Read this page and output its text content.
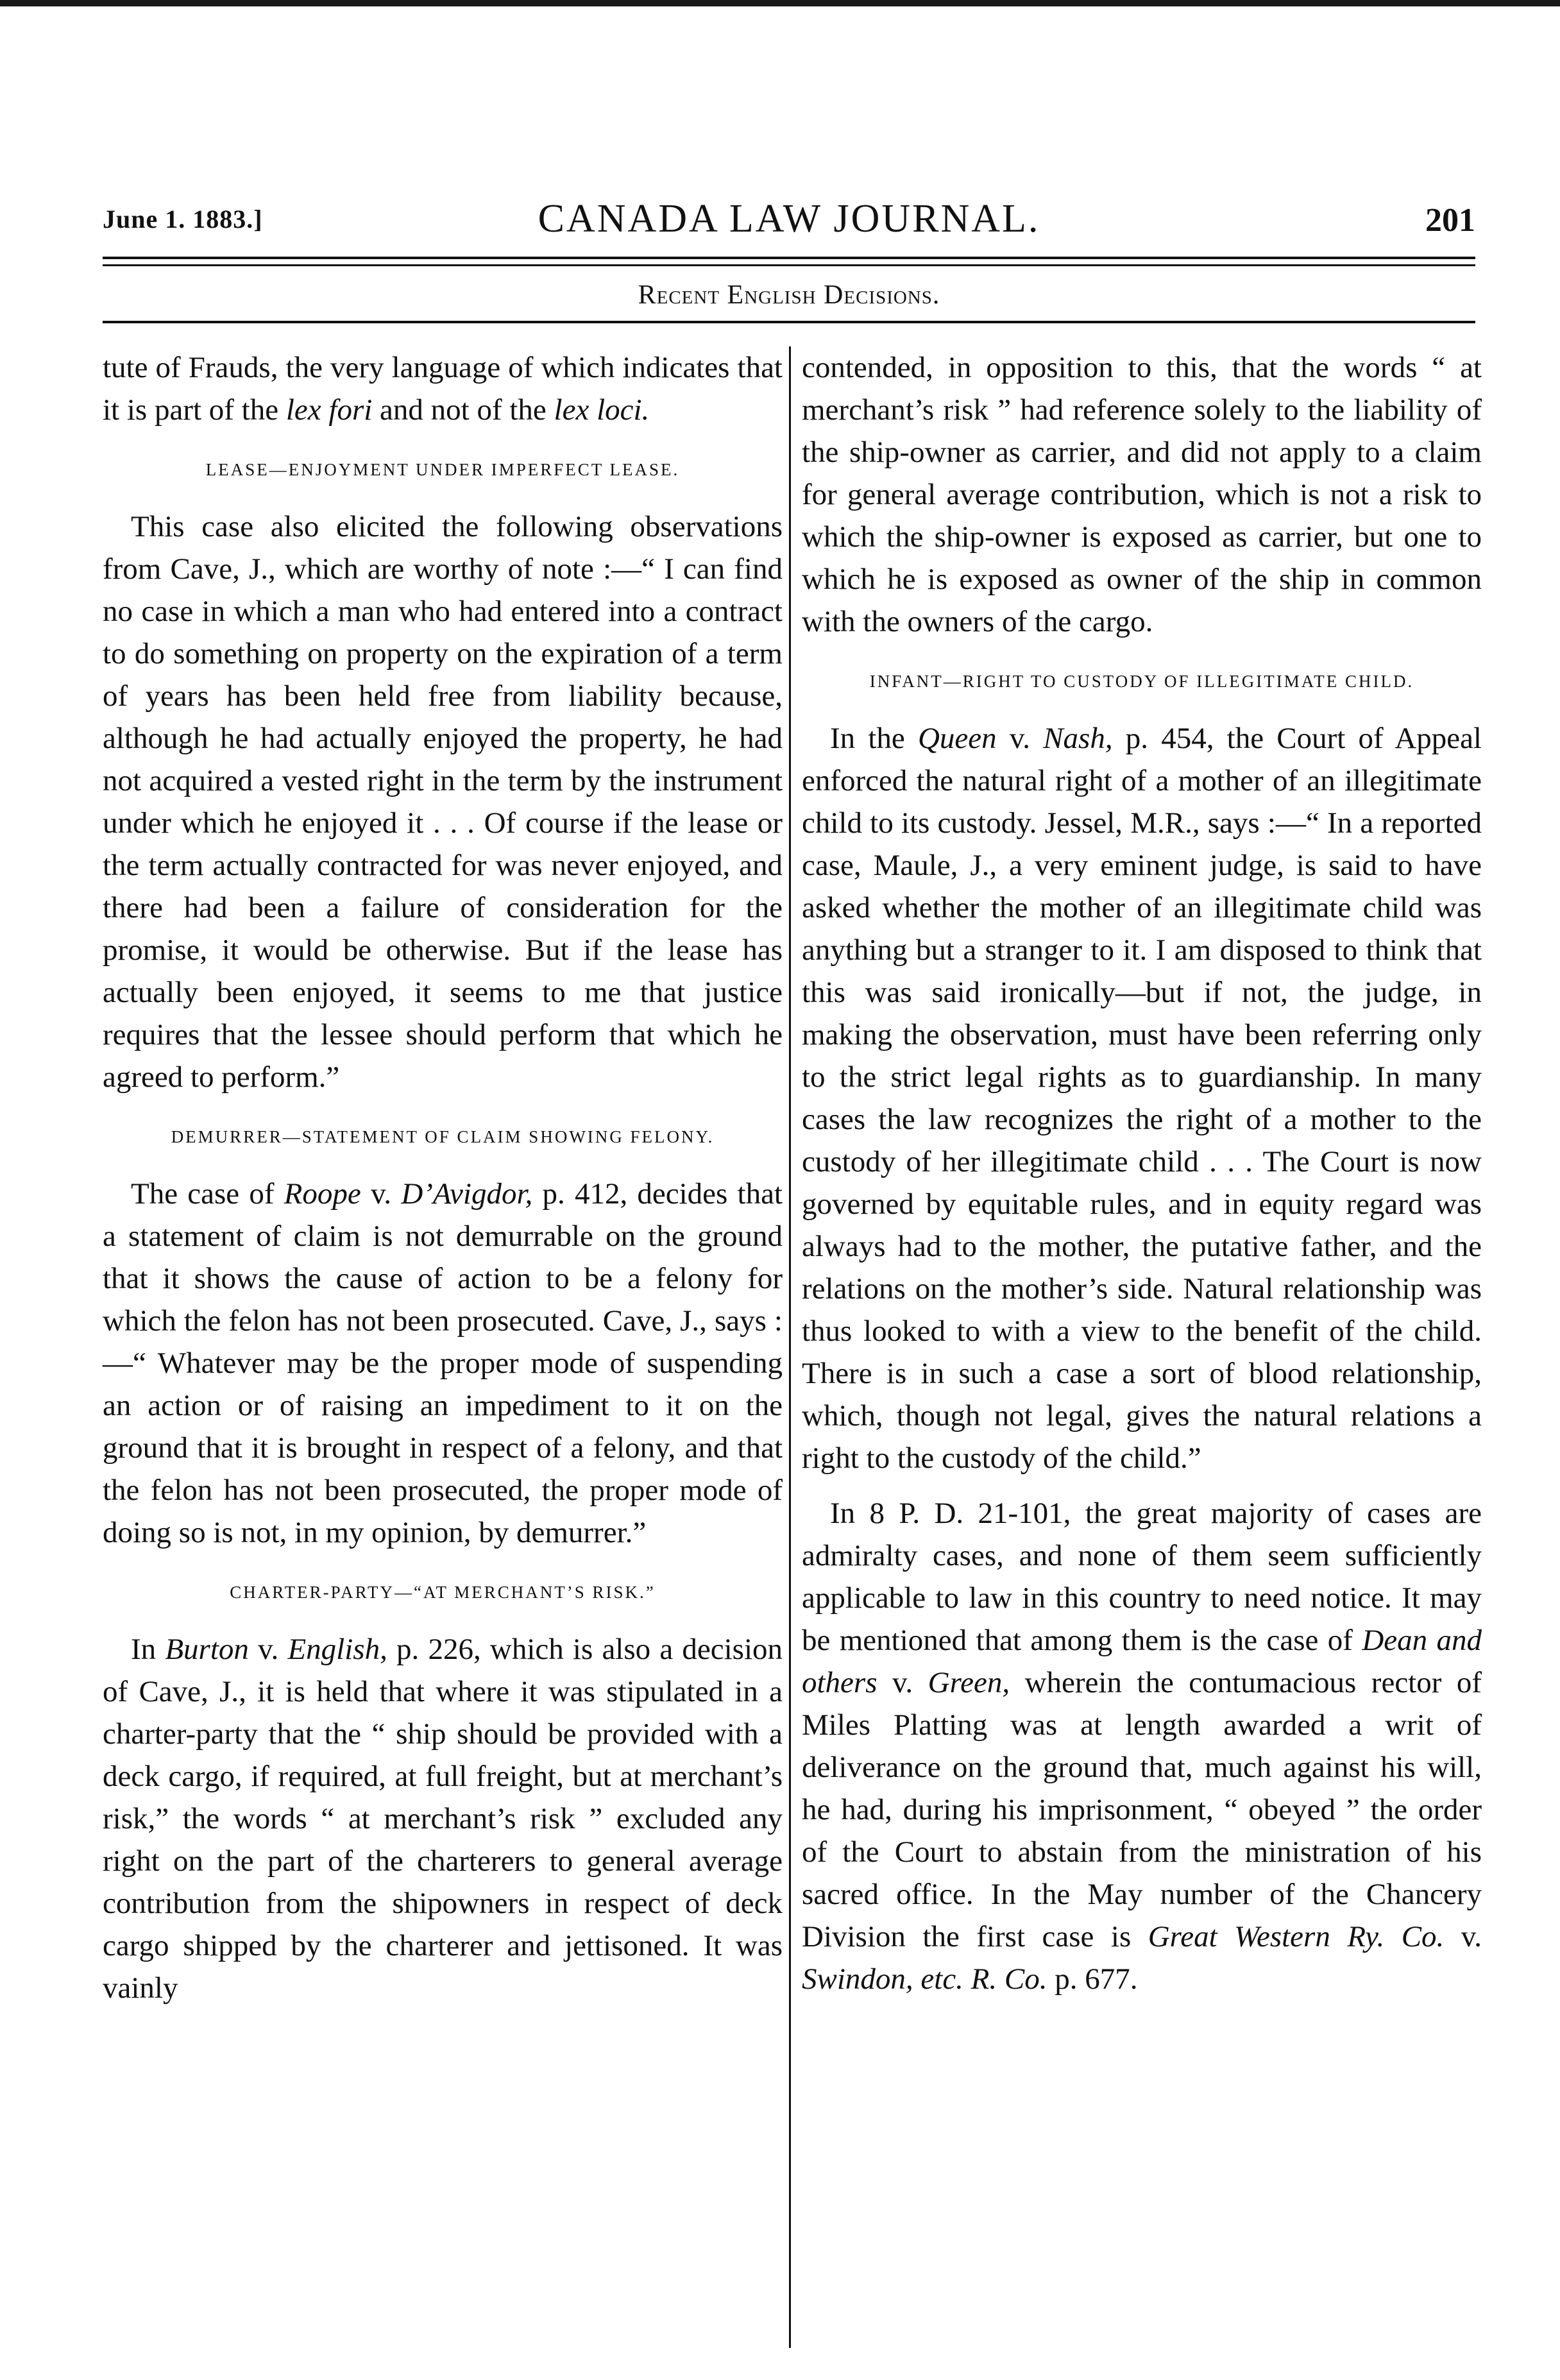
June 1. 1883.]	CANADA LAW JOURNAL.	201
Recent English Decisions.

tute of Frauds, the very language of which indicates that it is part of the lex fori and not of the lex loci.

LEASE—ENJOYMENT UNDER IMPERFECT LEASE.

This case also elicited the following observations from Cave, J., which are worthy of note :—“ I can find no case in which a man who had entered into a contract to do something on property on the expiration of a term of years has been held free from liability because, although he had actually enjoyed the property, he had not acquired a vested right in the term by the instrument under which he enjoyed it . . . Of course if the lease or the term actually contracted for was never enjoyed, and there had been a failure of consideration for the promise, it would be otherwise. But if the lease has actually been enjoyed, it seems to me that justice requires that the lessee should perform that which he agreed to perform.”

DEMURRER—STATEMENT OF CLAIM SHOWING FELONY.

The case of Roope v. D’Avigdor, p. 412, decides that a statement of claim is not demurrable on the ground that it shows the cause of action to be a felony for which the felon has not been prosecuted. Cave, J., says :—“ Whatever may be the proper mode of suspending an action or of raising an impediment to it on the ground that it is brought in respect of a felony, and that the felon has not been prosecuted, the proper mode of doing so is not, in my opinion, by demurrer.”

CHARTER-PARTY—“AT MERCHANT’S RISK.”

In Burton v. English, p. 226, which is also a decision of Cave, J., it is held that where it was stipulated in a charter-party that the “ ship should be provided with a deck cargo, if required, at full freight, but at merchant’s risk,” the words “ at merchant’s risk ” excluded any right on the part of the charterers to general average contribution from the shipowners in respect of deck cargo shipped by the charterer and jettisoned. It was vainly

contended, in opposition to this, that the words “ at merchant’s risk ” had reference solely to the liability of the ship-owner as carrier, and did not apply to a claim for general average contribution, which is not a risk to which the ship-owner is exposed as carrier, but one to which he is exposed as owner of the ship in common with the owners of the cargo.

INFANT—RIGHT TO CUSTODY OF ILLEGITIMATE CHILD.

In the Queen v. Nash, p. 454, the Court of Appeal enforced the natural right of a mother of an illegitimate child to its custody. Jessel, M.R., says :—“ In a reported case, Maule, J., a very eminent judge, is said to have asked whether the mother of an illegitimate child was anything but a stranger to it. I am disposed to think that this was said ironically—but if not, the judge, in making the observation, must have been referring only to the strict legal rights as to guardianship. In many cases the law recognizes the right of a mother to the custody of her illegitimate child . . . The Court is now governed by equitable rules, and in equity regard was always had to the mother, the putative father, and the relations on the mother’s side. Natural relationship was thus looked to with a view to the benefit of the child. There is in such a case a sort of blood relationship, which, though not legal, gives the natural relations a right to the custody of the child.”

In 8 P. D. 21-101, the great majority of cases are admiralty cases, and none of them seem sufficiently applicable to law in this country to need notice. It may be mentioned that among them is the case of Dean and others v. Green, wherein the contumacious rector of Miles Platting was at length awarded a writ of deliverance on the ground that, much against his will, he had, during his imprisonment, “ obeyed ” the order of the Court to abstain from the ministration of his sacred office. In the May number of the Chancery Division the first case is Great Western Ry. Co. v. Swindon, etc. R. Co. p. 677.
